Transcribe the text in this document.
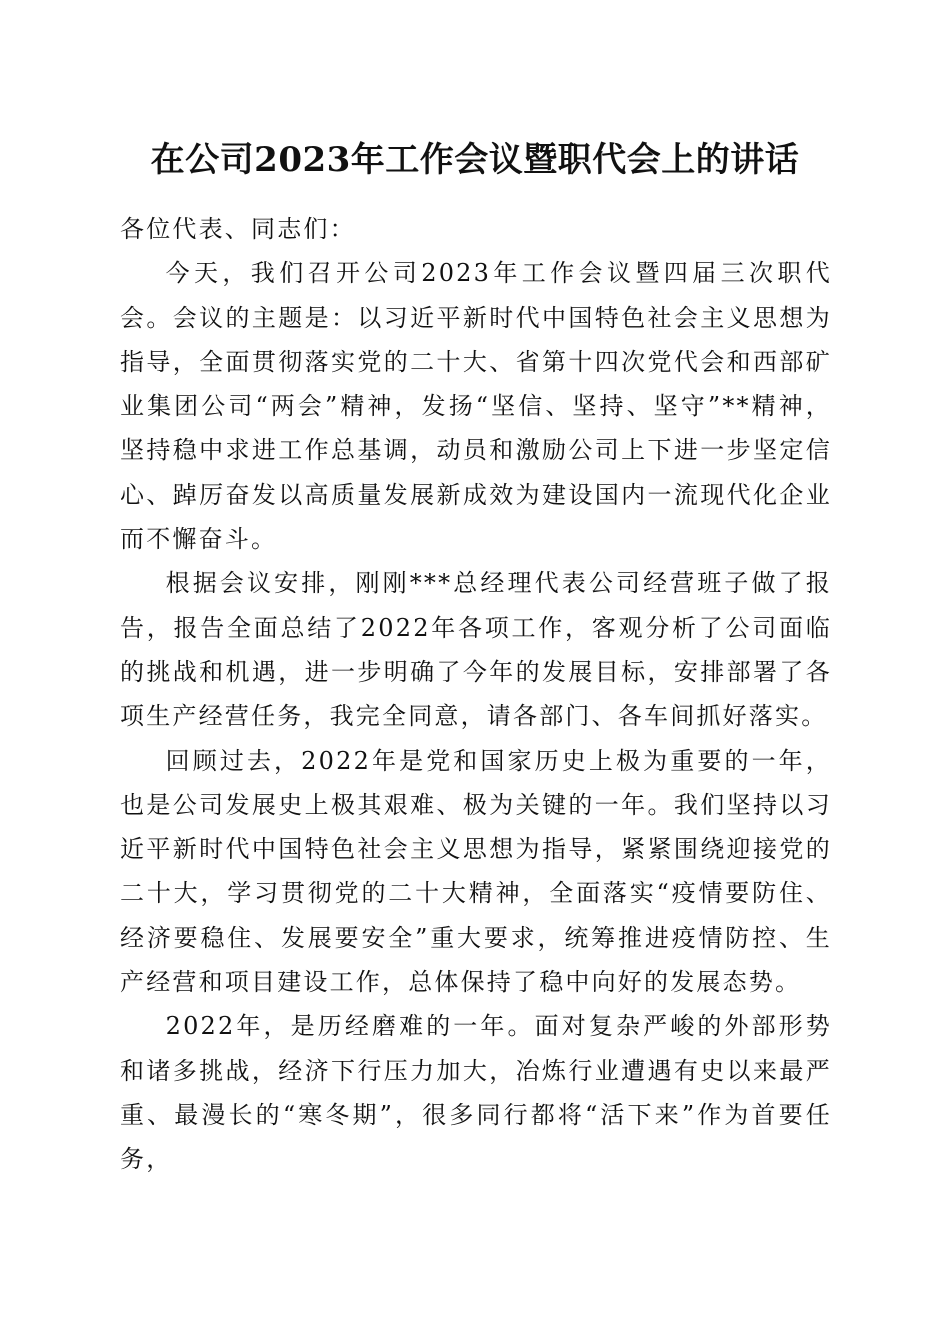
在公司2023年工作会议暨职代会上的讲话

各位代表、同志们：

今天，我们召开公司2023年工作会议暨四届三次职代会。会议的主题是：以习近平新时代中国特色社会主义思想为指导，全面贯彻落实党的二十大、省第十四次党代会和西部矿业集团公司“两会”精神，发扬“坚信、坚持、坚守”**精神，坚持稳中求进工作总基调，动员和激励公司上下进一步坚定信心、踔厉奋发以高质量发展新成效为建设国内一流现代化企业而不懈奋斗。

根据会议安排，刚刚***总经理代表公司经营班子做了报告，报告全面总结了2022年各项工作，客观分析了公司面临的挑战和机遇，进一步明确了今年的发展目标，安排部署了各项生产经营任务，我完全同意，请各部门、各车间抓好落实。

回顾过去，2022年是党和国家历史上极为重要的一年，也是公司发展史上极其艰难、极为关键的一年。我们坚持以习近平新时代中国特色社会主义思想为指导，紧紧围绕迎接党的二十大，学习贯彻党的二十大精神，全面落实“疫情要防住、经济要稳住、发展要安全”重大要求，统筹推进疫情防控、生产经营和项目建设工作，总体保持了稳中向好的发展态势。

2022年，是历经磨难的一年。面对复杂严峻的外部形势和诸多挑战，经济下行压力加大，冶炼行业遭遇有史以来最严重、最漫长的“寒冬期”，很多同行都将“活下来”作为首要任务，
